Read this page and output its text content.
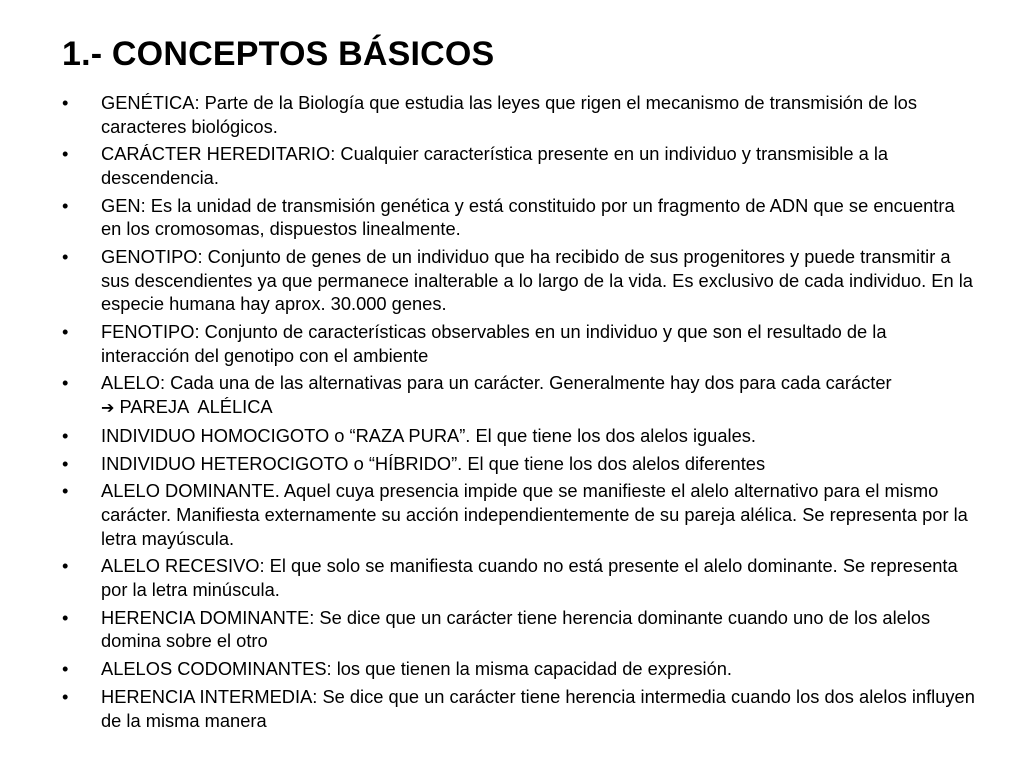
1.- CONCEPTOS BÁSICOS
•	GENÉTICA: Parte de la Biología que estudia las leyes que rigen el mecanismo de transmisión de los caracteres biológicos.
•	CARÁCTER HEREDITARIO: Cualquier característica presente en un individuo y transmisible a la descendencia.
•	GEN: Es la unidad de transmisión genética y está constituido por un fragmento de ADN que se encuentra en los cromosomas, dispuestos linealmente.
•	GENOTIPO: Conjunto de genes de un individuo que ha recibido de sus progenitores y puede transmitir a sus descendientes ya que permanece inalterable a lo largo de la vida. Es exclusivo de cada individuo. En la especie humana hay aprox. 30.000 genes.
•	FENOTIPO: Conjunto de características observables en un individuo y que son el resultado de la interacción del genotipo con el ambiente
•	ALELO: Cada una de las alternativas para un carácter. Generalmente hay dos para cada carácter
➔ PAREJA  ALÉLICA
•	INDIVIDUO HOMOCIGOTO o “RAZA PURA”. El que tiene los dos alelos iguales.
•	INDIVIDUO HETEROCIGOTO o “HÍBRIDO”. El que tiene los dos alelos diferentes
•	ALELO DOMINANTE. Aquel cuya presencia impide que se manifieste el alelo alternativo para el mismo carácter. Manifiesta externamente su acción independientemente de su pareja alélica. Se representa por la letra mayúscula.
•	ALELO RECESIVO: El que solo se manifiesta cuando no está presente el alelo dominante. Se representa por la letra minúscula.
•	HERENCIA DOMINANTE: Se dice que un carácter tiene herencia dominante cuando uno de los alelos domina sobre el otro
•	ALELOS CODOMINANTES: los que tienen la misma capacidad de expresión.
•	HERENCIA INTERMEDIA: Se dice que un carácter tiene herencia intermedia cuando los dos alelos influyen de la misma manera
